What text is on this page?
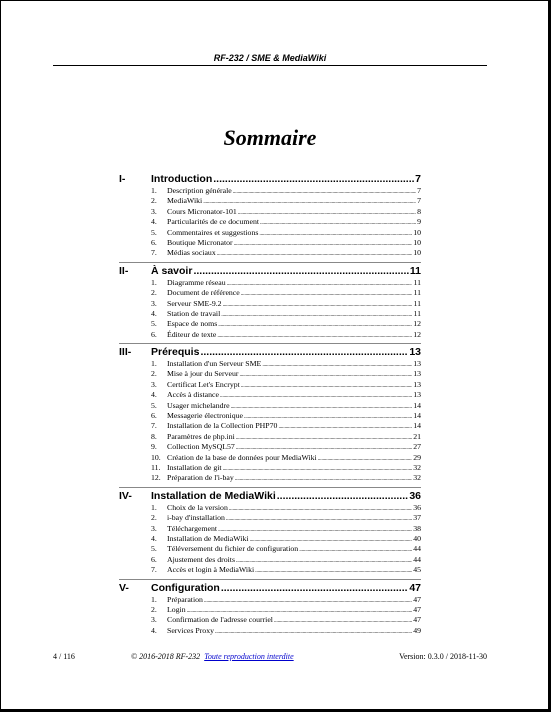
RF-232 / SME & MediaWiki
Sommaire
I-	Introduction .....	7
1.	Description générale .....	7
2.	MediaWiki .....	7
3.	Cours Micronator-101 .....	8
4.	Particularités de ce document .....	9
5.	Commentaires et suggestions .....	10
6.	Boutique Micronator .....	10
7.	Médias sociaux .....	10
II-	À savoir .....	11
1.	Diagramme réseau .....	11
2.	Document de référence .....	11
3.	Serveur SME-9.2 .....	11
4.	Station de travail .....	11
5.	Espace de noms .....	12
6.	Éditeur de texte .....	12
III-	Prérequis .....	13
1.	Installation d'un Serveur SME .....	13
2.	Mise à jour du Serveur .....	13
3.	Certificat Let's Encrypt .....	13
4.	Accès à distance .....	13
5.	Usager michelandre .....	14
6.	Messagerie électronique .....	14
7.	Installation de la Collection PHP70 .....	14
8.	Paramètres de php.ini .....	21
9.	Collection MySQL57 .....	27
10. Création de la base de données pour MediaWiki .....	29
11. Installation de git .....	32
12. Préparation de l'i-bay .....	32
IV-	Installation de MediaWiki .....	36
1.	Choix de la version .....	36
2.	i-bay d'installation .....	37
3.	Téléchargement .....	38
4.	Installation de MediaWiki .....	40
5.	Téléversement du fichier de configuration .....	44
6.	Ajustement des droits .....	44
7.	Accès et login à MediaWiki .....	45
V-	Configuration .....	47
1.	Préparation .....	47
2.	Login .....	47
3.	Confirmation de l'adresse courriel .....	47
4.	Services Proxy .....	49
4 / 116	© 2016-2018 RF-232 Toute reproduction interdite	Version: 0.3.0 / 2018-11-30
